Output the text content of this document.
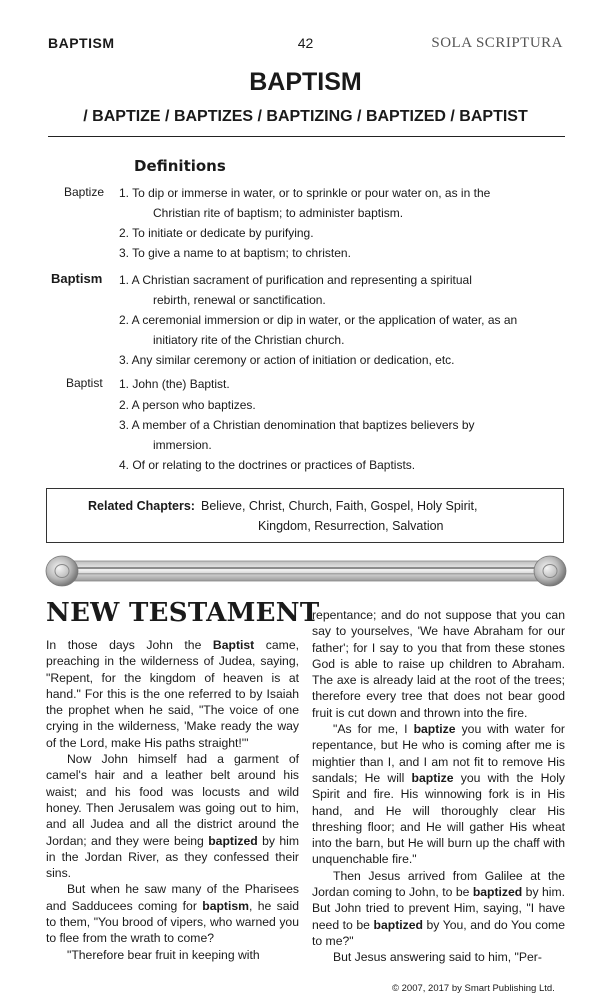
BAPTISM	42	SOLA SCRIPTURA
BAPTISM
/ BAPTIZE / BAPTIZES / BAPTIZING / BAPTIZED / BAPTIST
Definitions
Baptize 1. To dip or immerse in water, or to sprinkle or pour water on, as in the
Christian rite of baptism; to administer baptism.
2. To initiate or dedicate by purifying.
3. To give a name to at baptism; to christen.
Baptism 1. A Christian sacrament of purification and representing a spiritual
rebirth, renewal or sanctification.
2. A ceremonial immersion or dip in water, or the application of water, as an
initiatory rite of the Christian church.
3. Any similar ceremony or action of initiation or dedication, etc.
Baptist 1. John (the) Baptist.
2. A person who baptizes.
3. A member of a Christian denomination that baptizes believers by
immersion.
4. Of or relating to the doctrines or practices of Baptists.
Related Chapters: Believe, Christ, Church, Faith, Gospel, Holy Spirit,
Kingdom, Resurrection, Salvation
NEW TESTAMENT

In those days John the Baptist came, preaching in the wilderness of Judea, saying, "Repent, for the kingdom of heaven is at hand." For this is the one referred to by Isaiah the prophet when he said, "The voice of one crying in the wilderness, 'Make ready the way of the Lord, make His paths straight!'"

Now John himself had a garment of camel's hair and a leather belt around his waist; and his food was locusts and wild honey. Then Jerusalem was going out to him, and all Judea and all the district around the Jordan; and they were being baptized by him in the Jordan River, as they confessed their sins.

But when he saw many of the Pharisees and Sadducees coming for baptism, he said to them, "You brood of vipers, who warned you to flee from the wrath to come?

"Therefore bear fruit in keeping with

repentance; and do not suppose that you can say to yourselves, 'We have Abraham for our father'; for I say to you that from these stones God is able to raise up children to Abraham. The axe is already laid at the root of the trees; therefore every tree that does not bear good fruit is cut down and thrown into the fire.

"As for me, I baptize you with water for repentance, but He who is coming after me is mightier than I, and I am not fit to remove His sandals; He will baptize you with the Holy Spirit and fire. His winnowing fork is in His hand, and He will thoroughly clear His threshing floor; and He will gather His wheat into the barn, but He will burn up the chaff with unquenchable fire."

Then Jesus arrived from Galilee at the Jordan coming to John, to be baptized by him. But John tried to prevent Him, saying, "I have need to be baptized by You, and do You come to me?"

But Jesus answering said to him, "Per-

© 2007, 2017 by Smart Publishing Ltd.
